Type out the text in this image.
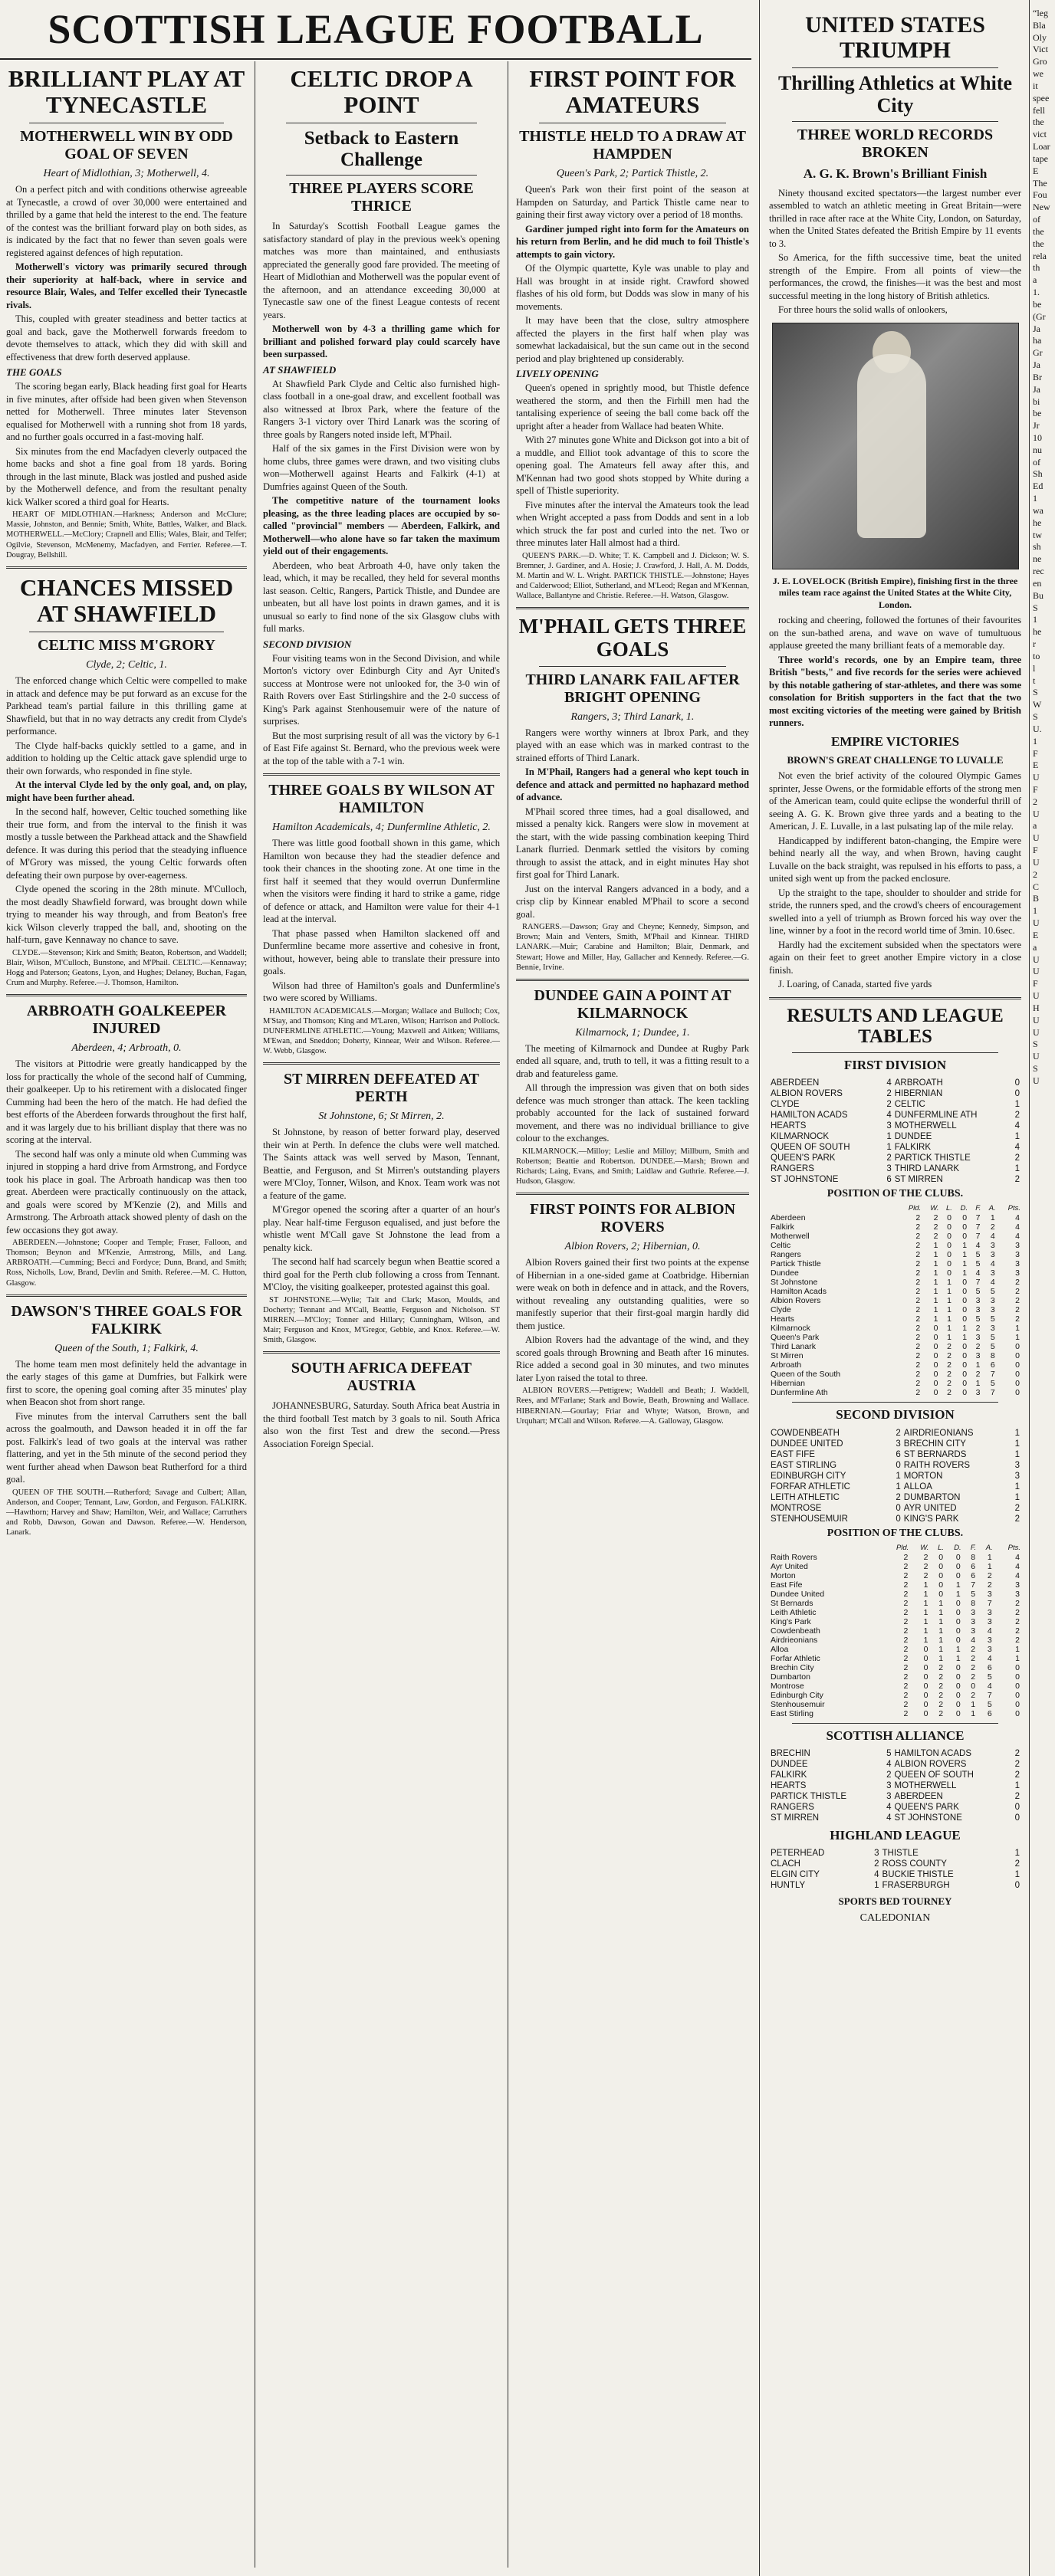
SCOTTISH LEAGUE FOOTBALL
BRILLIANT PLAY AT TYNECASTLE
MOTHERWELL WIN BY ODD GOAL OF SEVEN
Heart of Midlothian, 3; Motherwell, 4.

On a perfect pitch and with conditions otherwise agreeable at Tynecastle, a crowd of over 30,000 were entertained and thrilled by a game that held the interest to the end. The feature of the contest was the brilliant forward play on both sides, as is indicated by the fact that no fewer than seven goals were registered against defences of high reputation.

Motherwell's victory was primarily secured through their superiority at half-back, where in service and resource Blair, Wales, and Telfer excelled their Tynecastle rivals.

This, coupled with greater steadiness and better tactics at goal and back, gave the Motherwell forwards freedom to devote themselves to attack, which they did with skill and effectiveness that drew forth deserved applause.

THE GOALS

The scoring began early, Black heading first goal for Hearts in five minutes, after offside had been given when Stevenson netted for Motherwell. Three minutes later Stevenson equalised for Motherwell with a running shot from 18 yards, and no further goals occurred in a fast-moving half.

Six minutes from the end Macfadyen cleverly outpaced the home backs and shot a fine goal from 18 yards. Boring through in the last minute, Black was jostled and pushed aside by the Motherwell defence, and from the resultant penalty kick Walker scored a third goal for Hearts.

HEART OF MIDLOTHIAN.—Harkness; Anderson and McClure; Massie, Johnston, and Bennie; Smith, White, Battles, Walker, and Black. MOTHERWELL.—McClory; Crapnell and Ellis; Wales, Blair, and Telfer; Ogilvie, Stevenson, McMenemy, Macfadyen, and Ferrier. Referee.—T. Dougray, Bellshill.

CHANCES MISSED AT SHAWFIELD
CELTIC MISS M'GRORY
Clyde, 2; Celtic, 1.

The enforced change which Celtic were compelled to make in attack and defence may be put forward as an excuse for the Parkhead team's partial failure in this thrilling game at Shawfield, but that in no way detracts any credit from Clyde's performance.

The Clyde half-backs quickly settled to a game, and in addition to holding up the Celtic attack gave splendid urge to their own forwards, who responded in fine style.

At the interval Clyde led by the only goal, and, on play, might have been further ahead.

In the second half, however, Celtic touched something like their true form, and from the interval to the finish it was mostly a tussle between the Parkhead attack and the Shawfield defence. It was during this period that the steadying influence of M'Grory was missed, the young Celtic forwards often defeating their own purpose by over-eagerness.

Clyde opened the scoring in the 28th minute. M'Culloch, the most deadly Shawfield forward, was brought down while trying to meander his way through, and from Beaton's free kick Wilson cleverly trapped the ball, and, shooting on the half-turn, gave Kennaway no chance to save.

CLYDE.—Stevenson; Kirk and Smith; Beaton, Robertson, and Waddell; Blair, Wilson, M'Culloch, Bunstone, and M'Phail. CELTIC.—Kennaway; Hogg and Paterson; Geatons, Lyon, and Hughes; Delaney, Buchan, Fagan, Crum and Murphy. Referee.—J. Thomson, Hamilton.

ARBROATH GOALKEEPER INJURED
Aberdeen, 4; Arbroath, 0.

The visitors at Pittodrie were greatly handicapped by the loss for practically the whole of the second half of Cumming, their goalkeeper. Up to his retirement with a dislocated finger Cumming had been the hero of the match. He had defied the best efforts of the Aberdeen forwards throughout the first half, and it was largely due to his brilliant display that there was no scoring at the interval.

The second half was only a minute old when Cumming was injured in stopping a hard drive from Armstrong, and Fordyce took his place in goal. The Arbroath handicap was then too great. Aberdeen were practically continuously on the attack, and goals were scored by M'Kenzie (2), and Mills and Armstrong. The Arbroath attack showed plenty of dash on the few occasions they got away.

ABERDEEN.—Johnstone; Cooper and Temple; Fraser, Falloon, and Thomson; Beynon and M'Kenzie, Armstrong, Mills, and Lang. ARBROATH.—Cumming; Becci and Fordyce; Dunn, Brand, and Smith; Ross, Nicholls, Low, Brand, Devlin and Smith. Referee.—M. C. Hutton, Glasgow.

DAWSON'S THREE GOALS FOR FALKIRK
Queen of the South, 1; Falkirk, 4.

The home team men most definitely held the advantage in the early stages of this game at Dumfries, but Falkirk were first to score, the opening goal coming after 35 minutes' play when Beacon shot from short range.

Five minutes from the interval Carruthers sent the ball across the goalmouth, and Dawson headed it in off the far post. Falkirk's lead of two goals at the interval was rather flattering, and yet in the 5th minute of the second period they went further ahead when Dawson beat Rutherford for a third goal.

QUEEN OF THE SOUTH.—Rutherford; Savage and Culbert; Allan, Anderson, and Cooper; Tennant, Law, Gordon, and Ferguson. FALKIRK.—Hawthorn; Harvey and Shaw; Hamilton, Weir, and Wallace; Carruthers and Robb, Dawson, Gowan and Dawson. Referee.—W. Henderson, Lanark.

CELTIC DROP A POINT
Setback to Eastern Challenge
THREE PLAYERS SCORE THRICE

In Saturday's Scottish Football League games the satisfactory standard of play in the previous week's opening matches was more than maintained, and enthusiasts appreciated the generally good fare provided. The meeting of Heart of Midlothian and Motherwell was the popular event of the afternoon, and an attendance exceeding 30,000 at Tynecastle saw one of the finest League contests of recent years.

Motherwell won by 4-3 a thrilling game which for brilliant and polished forward play could scarcely have been surpassed.

AT SHAWFIELD

At Shawfield Park Clyde and Celtic also furnished high-class football in a one-goal draw, and excellent football was also witnessed at Ibrox Park, where the feature of the Rangers 3-1 victory over Third Lanark was the scoring of three goals by Rangers noted inside left, M'Phail.

Half of the six games in the First Division were won by home clubs, three games were drawn, and two visiting clubs won—Motherwell against Hearts and Falkirk (4-1) at Dumfries against Queen of the South.

The competitive nature of the tournament looks pleasing, as the three leading places are occupied by so-called "provincial" members — Aberdeen, Falkirk, and Motherwell—who alone have so far taken the maximum yield out of their engagements.

Aberdeen, who beat Arbroath 4-0, have only taken the lead, which, it may be recalled, they held for several months last season. Celtic, Rangers, Partick Thistle, and Dundee are unbeaten, but all have lost points in drawn games, and it is unusual so early to find none of the six Glasgow clubs with full marks.

SECOND DIVISION

Four visiting teams won in the Second Division, and while Morton's victory over Edinburgh City and Ayr United's success at Montrose were not unlooked for, the 3-0 win of Raith Rovers over East Stirlingshire and the 2-0 success of King's Park against Stenhousemuir were of the nature of surprises.

But the most surprising result of all was the victory by 6-1 of East Fife against St. Bernard, who the previous week were at the top of the table with a 7-1 win.

THREE GOALS BY WILSON AT HAMILTON
Hamilton Academicals, 4; Dunfermline Athletic, 2.

There was little good football shown in this game, which Hamilton won because they had the steadier defence and took their chances in the shooting zone. At one time in the first half it seemed that they would overrun Dunfermline when the visitors were finding it hard to strike a game, ridge of defence or attack, and Hamilton were value for their 4-1 lead at the interval.

That phase passed when Hamilton slackened off and Dunfermline became more assertive and cohesive in front, without, however, being able to translate their pressure into goals.

Wilson had three of Hamilton's goals and Dunfermline's two were scored by Williams.

HAMILTON ACADEMICALS.—Morgan; Wallace and Bulloch; Cox, M'Stay, and Thomson; King and M'Laren, Wilson; Harrison and Pollock. DUNFERMLINE ATHLETIC.—Young; Maxwell and Aitken; Williams, M'Ewan, and Sneddon; Doherty, Kinnear, Weir and Wilson. Referee.—W. Webb, Glasgow.

ST MIRREN DEFEATED AT PERTH
St Johnstone, 6; St Mirren, 2.

St Johnstone, by reason of better forward play, deserved their win at Perth. In defence the clubs were well matched. The Saints attack was well served by Mason, Tennant, Beattie, and Ferguson, and St Mirren's outstanding players were M'Cloy, Tonner, Wilson, and Knox. Team work was not a feature of the game.

M'Gregor opened the scoring after a quarter of an hour's play. Near half-time Ferguson equalised, and just before the whistle went M'Call gave St Johnstone the lead from a penalty kick.

The second half had scarcely begun when Beattie scored a third goal for the Perth club following a cross from Tennant. M'Cloy, the visiting goalkeeper, protested against this goal.

ST JOHNSTONE.—Wylie; Tait and Clark; Mason, Moulds, and Docherty; Tennant and M'Call, Beattie, Ferguson and Nicholson. ST MIRREN.—M'Cloy; Tonner and Hillary; Cunningham, Wilson, and Mair; Ferguson and Knox, M'Gregor, Gebbie, and Knox. Referee.—W. Smith, Glasgow.

SOUTH AFRICA DEFEAT AUSTRIA

JOHANNESBURG, Saturday. South Africa beat Austria in the third football Test match by 3 goals to nil. South Africa also won the first Test and drew the second.—Press Association Foreign Special.

FIRST POINT FOR AMATEURS
THISTLE HELD TO A DRAW AT HAMPDEN
Queen's Park, 2; Partick Thistle, 2.

Queen's Park won their first point of the season at Hampden on Saturday, and Partick Thistle came near to gaining their first away victory over a period of 18 months.

Gardiner jumped right into form for the Amateurs on his return from Berlin, and he did much to foil Thistle's attempts to gain victory.

Of the Olympic quartette, Kyle was unable to play and Hall was brought in at inside right. Crawford showed flashes of his old form, but Dodds was slow in many of his movements.

It may have been that the close, sultry atmosphere affected the players in the first half when play was somewhat lackadaisical, but the sun came out in the second period and play brightened up considerably.

LIVELY OPENING

Queen's opened in sprightly mood, but Thistle defence weathered the storm, and then the Firhill men had the tantalising experience of seeing the ball come back off the upright after a header from Wallace had beaten White.

With 27 minutes gone White and Dickson got into a bit of a muddle, and Elliot took advantage of this to score the opening goal. The Amateurs fell away after this, and M'Kennan had two good shots stopped by White during a spell of Thistle superiority.

Five minutes after the interval the Amateurs took the lead when Wright accepted a pass from Dodds and sent in a lob which struck the far post and curled into the net. Two or three minutes later Hall almost had a third.

QUEEN'S PARK.—D. White; T. K. Campbell and J. Dickson; W. S. Bremner, J. Gardiner, and A. Hosie; J. Crawford, J. Hall, A. M. Dodds, M. Martin and W. L. Wright. PARTICK THISTLE.—Johnstone; Hayes and Calderwood; Elliot, Sutherland, and M'Leod; Regan and M'Kennan, Wallace, Ballantyne and Christie. Referee.—H. Watson, Glasgow.

M'PHAIL GETS THREE GOALS
THIRD LANARK FAIL AFTER BRIGHT OPENING
Rangers, 3; Third Lanark, 1.

Rangers were worthy winners at Ibrox Park, and they played with an ease which was in marked contrast to the strained efforts of Third Lanark.

In M'Phail, Rangers had a general who kept touch in defence and attack and permitted no haphazard method of advance.

M'Phail scored three times, had a goal disallowed, and missed a penalty kick. Rangers were slow in movement at the start, with the wide passing combination keeping Third Lanark flurried. Denmark settled the visitors by coming through to assist the attack, and in eight minutes Hay shot first goal for Third Lanark.

Just on the interval Rangers advanced in a body, and a crisp clip by Kinnear enabled M'Phail to score a second goal.

RANGERS.—Dawson; Gray and Cheyne; Kennedy, Simpson, and Brown; Main and Venters, Smith, M'Phail and Kinnear. THIRD LANARK.—Muir; Carabine and Hamilton; Blair, Denmark, and Stewart; Howe and Miller, Hay, Gallacher and Kennedy. Referee.—G. Bennie, Irvine.

DUNDEE GAIN A POINT AT KILMARNOCK
Kilmarnock, 1; Dundee, 1.

The meeting of Kilmarnock and Dundee at Rugby Park ended all square, and, truth to tell, it was a fitting result to a drab and featureless game.

All through the impression was given that on both sides defence was much stronger than attack. The keen tackling probably accounted for the lack of sustained forward movement, and there was no individual brilliance to give colour to the exchanges.

KILMARNOCK.—Milloy; Leslie and Milloy; Millburn, Smith and Robertson; Beattie and Robertson. DUNDEE.—Marsh; Brown and Richards; Laing, Evans, and Smith; Laidlaw and Guthrie. Referee.—J. Hudson, Glasgow.

FIRST POINTS FOR ALBION ROVERS
Albion Rovers, 2; Hibernian, 0.

Albion Rovers gained their first two points at the expense of Hibernian in a one-sided game at Coatbridge. Hibernian were weak on both in defence and in attack, and the Rovers, without revealing any outstanding qualities, were so manifestly superior that their first-goal margin hardly did them justice.

Albion Rovers had the advantage of the wind, and they scored goals through Browning and Beath after 16 minutes. Rice added a second goal in 30 minutes, and two minutes later Lyon raised the total to three.

ALBION ROVERS.—Pettigrew; Waddell and Beath; J. Waddell, Rees, and M'Farlane; Stark and Bowie, Beath, Browning and Wallace. HIBERNIAN.—Gourlay; Friar and Whyte; Watson, Brown, and Urquhart; M'Call and Wilson. Referee.—A. Galloway, Glasgow.

UNITED STATES TRIUMPH
Thrilling Athletics at White City
THREE WORLD RECORDS BROKEN
A. G. K. Brown's Brilliant Finish

Ninety thousand excited spectators—the largest number ever assembled to watch an athletic meeting in Great Britain—were thrilled in race after race at the White City, London, on Saturday, when the United States defeated the British Empire by 11 events to 3.

So America, for the fifth successive time, beat the united strength of the Empire. From all points of view—the performances, the crowd, the finishes—it was the best and most successful meeting in the long history of British athletics.

For three hours the solid walls of onlookers,

J. E. LOVELOCK (British Empire), finishing first in the three miles team race against the United States at the White City, London.

rocking and cheering, followed the fortunes of their favourites on the sun-bathed arena, and wave on wave of tumultuous applause greeted the many brilliant feats of a memorable day.

Three world's records, one by an Empire team, three British "bests," and five records for the series were achieved by this notable gathering of star-athletes, and there was some consolation for British supporters in the fact that the two most exciting victories of the meeting were gained by British runners.

EMPIRE VICTORIES
BROWN'S GREAT CHALLENGE TO LUVALLE

Not even the brief activity of the coloured Olympic Games sprinter, Jesse Owens, or the formidable efforts of the strong men of the American team, could quite eclipse the wonderful thrill of seeing A. G. K. Brown give three yards and a beating to the American, J. E. Luvalle, in a last pulsating lap of the mile relay.

Handicapped by indifferent baton-changing, the Empire were behind nearly all the way, and when Brown, having caught Luvalle on the back straight, was repulsed in his efforts to pass, a united sigh went up from the packed enclosure.

Up the straight to the tape, shoulder to shoulder and stride for stride, the runners sped, and the crowd's cheers of encouragement swelled into a yell of triumph as Brown forced his way over the line, winner by a foot in the record world time of 3min. 10.6sec.

Hardly had the excitement subsided when the spectators were again on their feet to greet another Empire victory in a close finish.

J. Loaring, of Canada, started five yards

RESULTS AND LEAGUE TABLES
FIRST DIVISION
ABERDEEN	4	ARBROATH	0
ALBION ROVERS	2	HIBERNIAN	0
CLYDE	2	CELTIC	1
HAMILTON ACADS	4	DUNFERMLINE ATH	2
HEARTS	3	MOTHERWELL	4
KILMARNOCK	1	DUNDEE	1
QUEEN OF SOUTH	1	FALKIRK	4
QUEEN'S PARK	2	PARTICK THISTLE	2
RANGERS	3	THIRD LANARK	1
ST JOHNSTONE	6	ST MIRREN	2
POSITION OF THE CLUBS.
	Pld.	W.	L.	D.	F.	A.	Pts.
Aberdeen	2	2	0	0	7	1	4
Falkirk	2	2	0	0	7	2	4
Motherwell	2	2	0	0	7	4	4
Celtic	2	1	0	1	4	3	3
Rangers	2	1	0	1	5	3	3
Partick Thistle	2	1	0	1	5	4	3
Dundee	2	1	0	1	4	3	3
St Johnstone	2	1	1	0	7	4	2
Hamilton Acads	2	1	1	0	5	5	2
Albion Rovers	2	1	1	0	3	3	2
Clyde	2	1	1	0	3	3	2
Hearts	2	1	1	0	5	5	2
Kilmarnock	2	0	1	1	2	3	1
Queen's Park	2	0	1	1	3	5	1
Third Lanark	2	0	2	0	2	5	0
St Mirren	2	0	2	0	3	8	0
Arbroath	2	0	2	0	1	6	0
Queen of the South	2	0	2	0	2	7	0
Hibernian	2	0	2	0	1	5	0
Dunfermline Ath	2	0	2	0	3	7	0
SECOND DIVISION
COWDENBEATH	2	AIRDRIEONIANS	1
DUNDEE UNITED	3	BRECHIN CITY	1
EAST FIFE	6	ST BERNARDS	1
EAST STIRLING	0	RAITH ROVERS	3
EDINBURGH CITY	1	MORTON	3
FORFAR ATHLETIC	1	ALLOA	1
LEITH ATHLETIC	2	DUMBARTON	1
MONTROSE	0	AYR UNITED	2
STENHOUSEMUIR	0	KING'S PARK	2
POSITION OF THE CLUBS.
	Pld.	W.	L.	D.	F.	A.	Pts.
Raith Rovers	2	2	0	0	8	1	4
Ayr United	2	2	0	0	6	1	4
Morton	2	2	0	0	6	2	4
East Fife	2	1	0	1	7	2	3
Dundee United	2	1	0	1	5	3	3
St Bernards	2	1	1	0	8	7	2
Leith Athletic	2	1	1	0	3	3	2
King's Park	2	1	1	0	3	3	2
Cowdenbeath	2	1	1	0	3	4	2
Airdrieonians	2	1	1	0	4	3	2
Alloa	2	0	1	1	2	3	1
Forfar Athletic	2	0	1	1	2	4	1
Brechin City	2	0	2	0	2	6	0
Dumbarton	2	0	2	0	2	5	0
Montrose	2	0	2	0	0	4	0
Edinburgh City	2	0	2	0	2	7	0
Stenhousemuir	2	0	2	0	1	5	0
East Stirling	2	0	2	0	1	6	0
SCOTTISH ALLIANCE
BRECHIN	5	HAMILTON ACADS	2
DUNDEE	4	ALBION ROVERS	2
FALKIRK	2	QUEEN OF SOUTH	2
HEARTS	3	MOTHERWELL	1
PARTICK THISTLE	3	ABERDEEN	2
RANGERS	4	QUEEN'S PARK	0
ST MIRREN	4	ST JOHNSTONE	0
HIGHLAND LEAGUE
PETERHEAD	3	THISTLE	1
CLACH	2	ROSS COUNTY	2
ELGIN CITY	4	BUCKIE THISTLE	1
HUNTLY	1	FRASERBURGH	0
SPORTS BED TOURNEY
CALEDONIAN
“leg
Bla
Oly
Vict
Gro
we
it
spee
fell
the
vict
Loar
tape
E
The
Fou
New
of
the
the
rela
th
a
1.
be
(Gr
Ja
ha
Gr
Ja
Br
Ja
bi
be
Jr
10
nu
of
Sh
Ed
1
wa
he
tw
sh
ne
rec
en
Bu
S
1
he
r
to
l
t
S
W
S
U.
1
F
E
U
F
2
U
a
U
F
U
2
C
B
1
U
E
a
U
U
F
U
H
U
U
S
U
S
U
